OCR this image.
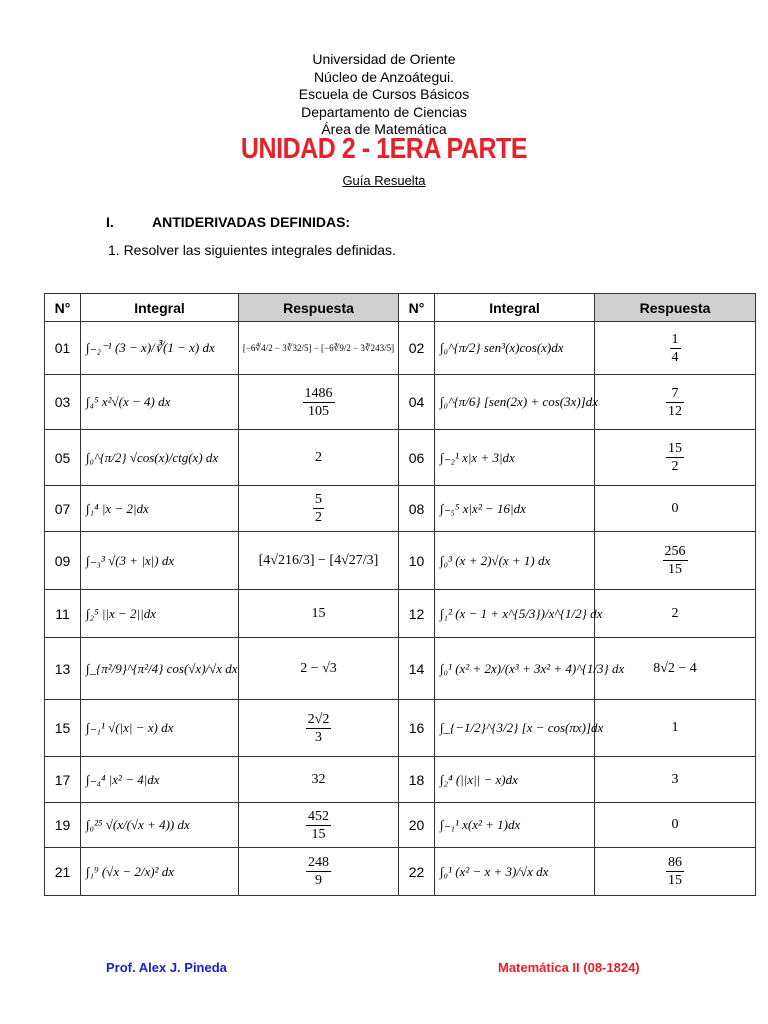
Universidad de Oriente
Núcleo de Anzoátegui.
Escuela de Cursos Básicos
Departamento de Ciencias
Área de Matemática
UNIDAD 2 - 1ERA PARTE
Guía Resuelta
I.	ANTIDERIVADAS DEFINIDAS:
1. Resolver las siguientes integrales definidas.
N°	Integral	Respuesta	N°	Integral	Respuesta
01	∫₋₂⁻¹ (3 − x)/∛(1 − x) dx	[−6∜4/2 − 3∛32/5] − [−6∛9/2 − 3∛243/5]	02	∫₀^{π/2} sen³(x)cos(x)dx	$\frac{1}{4}$

03	∫₄⁵ x²√(x − 4) dx	$\frac{1486}{105}$	04	∫₀^{π/6} [sen(2x) + cos(3x)]dx	$\frac{7}{12}$

05	∫₀^{π/2} √cos(x)/ctg(x) dx	2	06	∫₋₂¹ x|x + 3|dx	$\frac{15}{2}$

07	∫₁⁴ |x − 2|dx	$\frac{5}{2}$	08	∫₋₅⁵ x|x² − 16|dx	0
09	∫₋₃³ √(3 + |x|) dx	[4√216/3] − [4√27/3]	10	∫₀³ (x + 2)√(x + 1) dx	$\frac{256}{15}$

11	∫₂⁵ ||x − 2||dx	15	12	∫₁² (x − 1 + x^{5/3})/x^{1/2} dx	2
13	∫_{π²/9}^{π²/4} cos(√x)/√x dx	2 − √3	14	∫₀¹ (x² + 2x)/(x³ + 3x² + 4)^{1/3} dx	8√2 − 4
15	∫₋₁¹ √(|x| − x) dx	$\frac{2√2}{3}$	16	∫_{−1/2}^{3/2} [x − cos(πx)]dx	1
17	∫₋₄⁴ |x² − 4|dx	32	18	∫₂⁴ (||x|| − x)dx	3
19	∫₀²⁵ √(x/(√x + 4)) dx	$\frac{452}{15}$	20	∫₋₁¹ x(x² + 1)dx	0
21	∫₁⁹ (√x − 2/x)² dx	$\frac{248}{9}$	22	∫₀¹ (x² − x + 3)/√x dx	$\frac{86}{15}$
Prof. Alex J. Pineda	Matemática II (08-1824)
